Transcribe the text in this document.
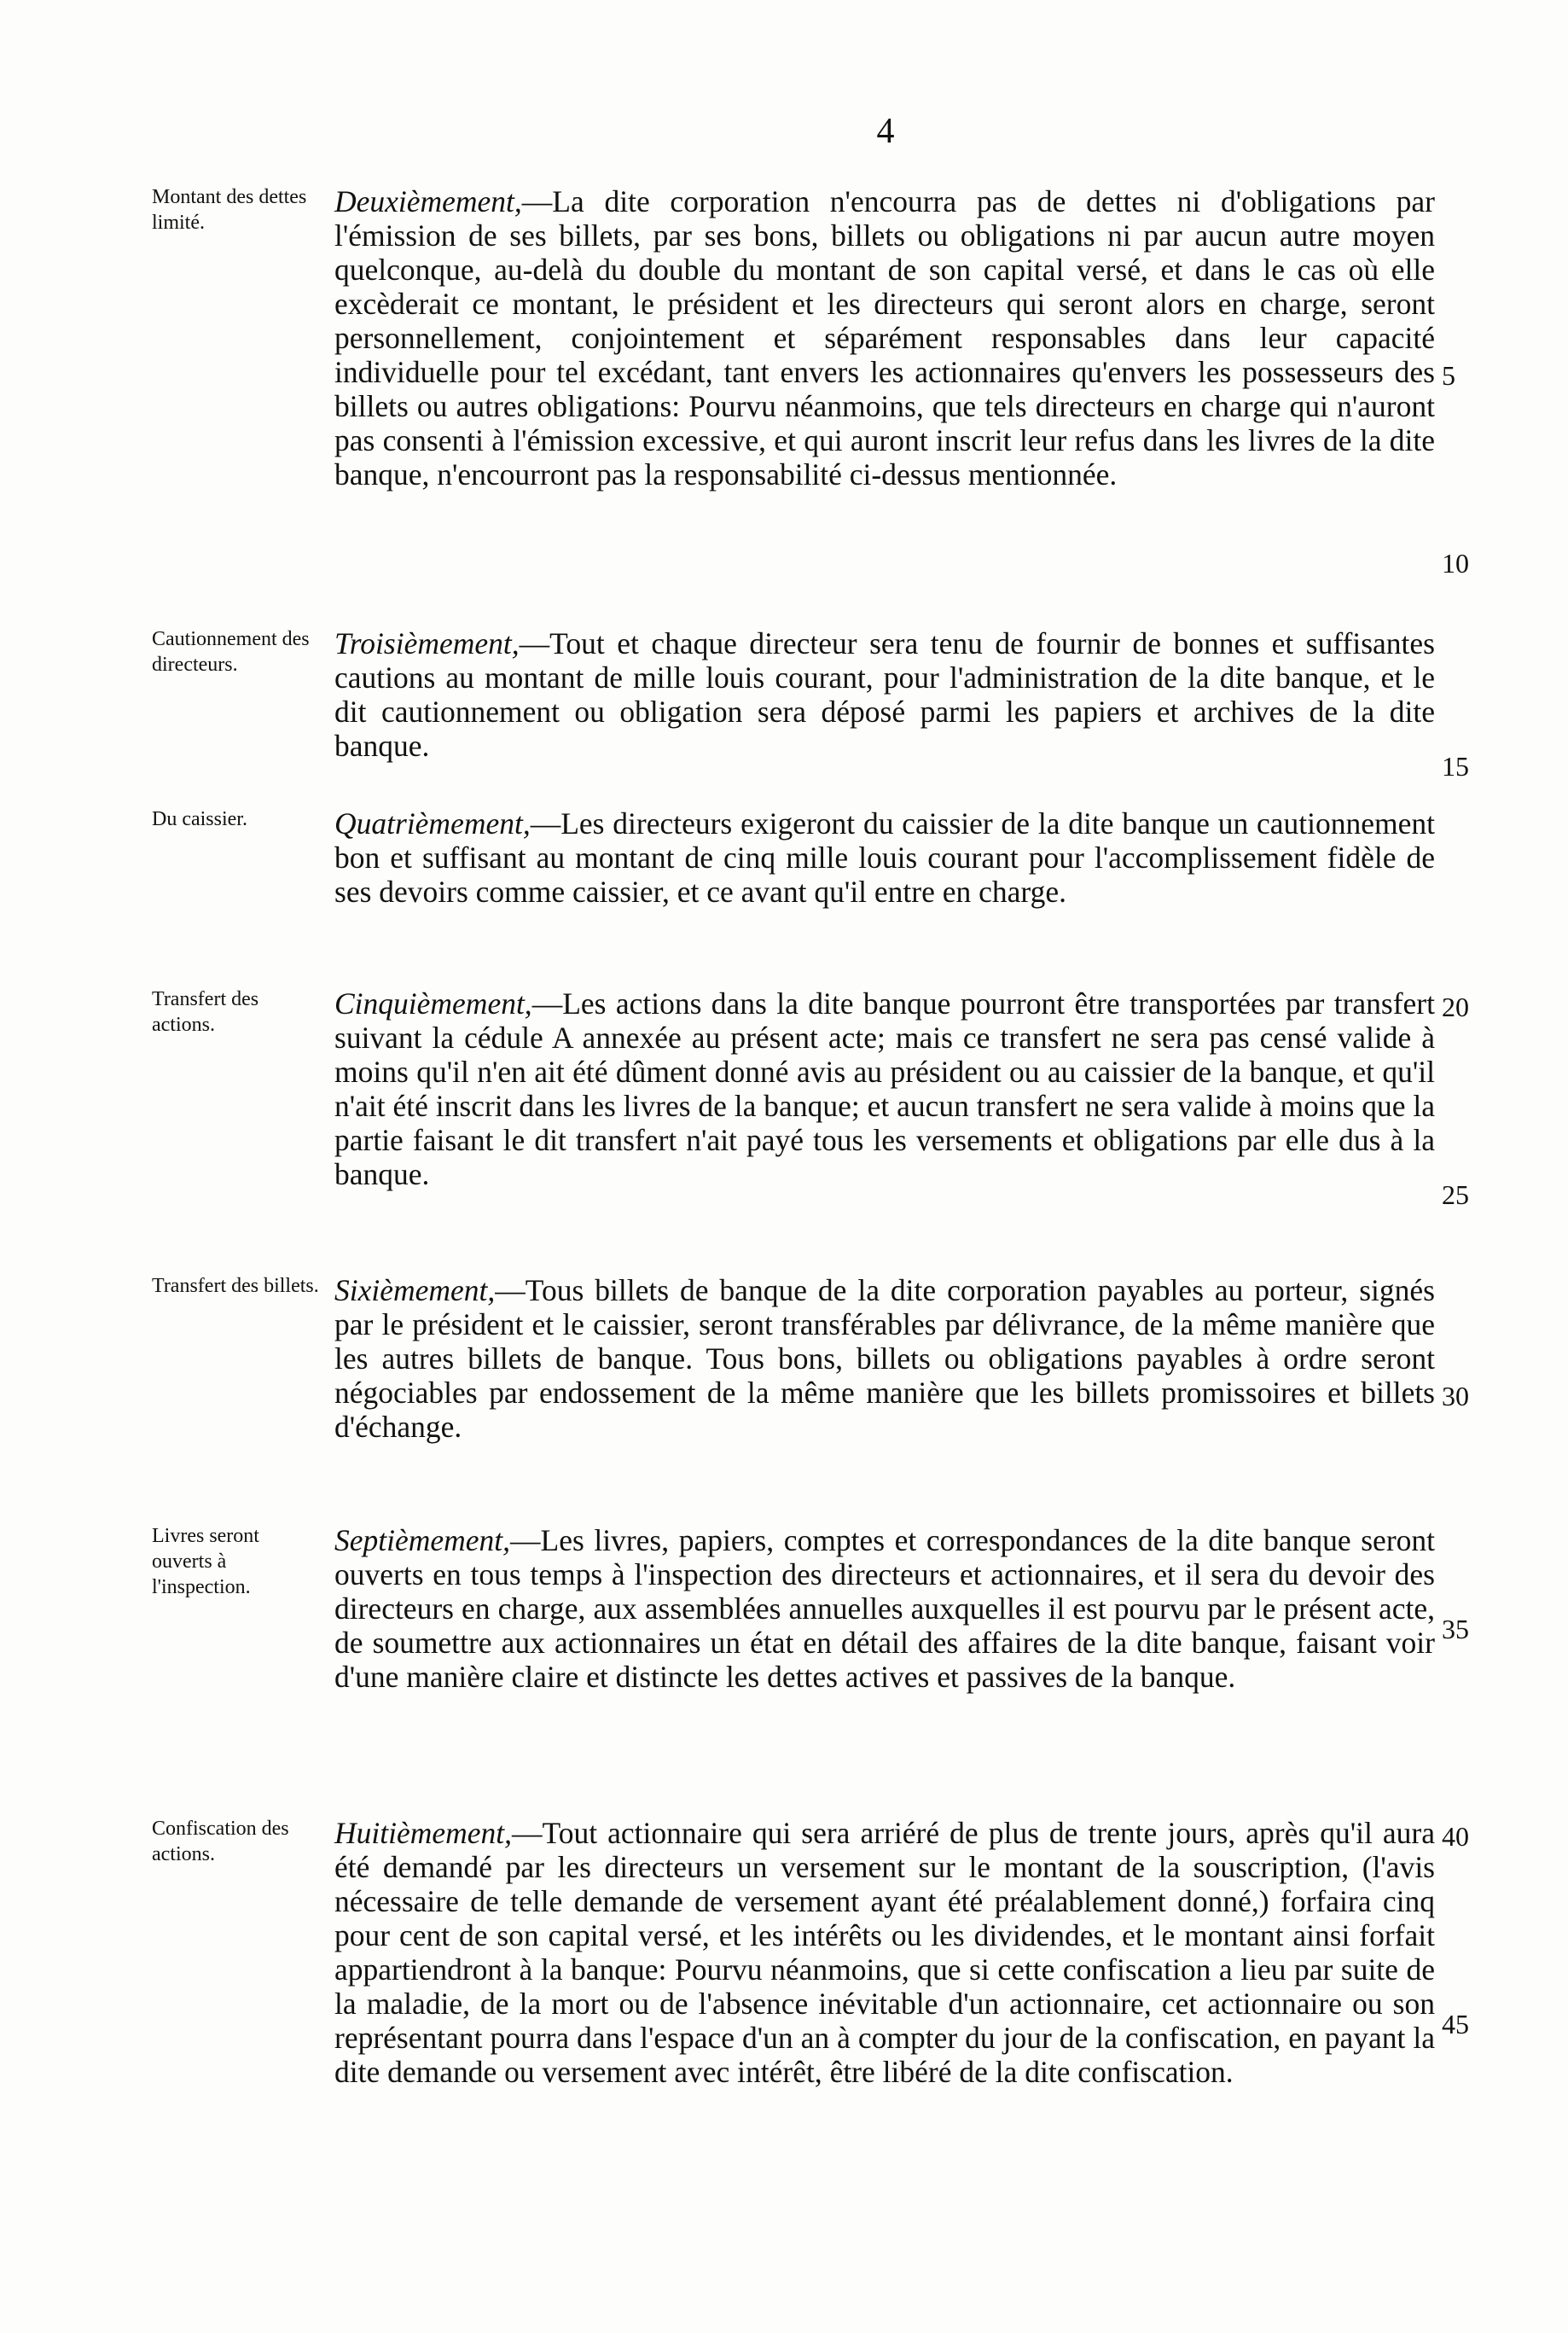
4
Montant des dettes limité.
Deuxièmement,—La dite corporation n'encourra pas de dettes ni d'obligations par l'émission de ses billets, par ses bons, billets ou obligations ni par aucun autre moyen quelconque, au-delà du double du montant de son capital versé, et dans le cas où elle excèderait ce montant, le président et les directeurs qui seront alors en charge, seront personnellement, conjointement et séparément responsables dans leur capacité individuelle pour tel excédant, tant envers les actionnaires qu'envers les possesseurs des billets ou autres obligations: Pourvu néanmoins, que tels directeurs en charge qui n'auront pas consenti à l'émission excessive, et qui auront inscrit leur refus dans les livres de la dite banque, n'encourront pas la responsabilité ci-dessus mentionnée.
5
10
Cautionnement des directeurs.
Troisièmement,—Tout et chaque directeur sera tenu de fournir de bonnes et suffisantes cautions au montant de mille louis courant, pour l'administration de la dite banque, et le dit cautionnement ou obligation sera déposé parmi les papiers et archives de la dite banque.
15
Du caissier.	Quatrièmement,—Les directeurs exigeront du caissier de la dite banque un cautionnement bon et suffisant au montant de cinq mille louis courant pour l'accomplissement fidèle de ses devoirs comme caissier, et ce avant qu'il entre en charge.
Transfert des actions.
Cinquièmement,—Les actions dans la dite banque pourront être transportées par transfert suivant la cédule A annexée au présent acte; mais ce transfert ne sera pas censé valide à moins qu'il n'en ait été dûment donné avis au président ou au caissier de la banque, et qu'il n'ait été inscrit dans les livres de la banque; et aucun transfert ne sera valide à moins que la partie faisant le dit transfert n'ait payé tous les versements et obligations par elle dus à la banque.
20
25
Transfert des billets. Sixièmement,—Tous billets de banque de la dite corporation payables au porteur, signés par le président et le caissier, seront transférables par délivrance, de la même manière que les autres billets de banque. Tous bons, billets ou obligations payables à ordre seront négociables par endossement de la même manière que les billets promissoires et billets d'échange.
30
Livres seront ouverts à l'inspection.
Septièmement,—Les livres, papiers, comptes et correspondances de la dite banque seront ouverts en tous temps à l'inspection des directeurs et actionnaires, et il sera du devoir des directeurs en charge, aux assemblées annuelles auxquelles il est pourvu par le présent acte, de soumettre aux actionnaires un état en détail des affaires de la dite banque, faisant voir d'une manière claire et distincte les dettes actives et passives de la banque.
35
Confiscation des actions.
Huitièmement,—Tout actionnaire qui sera arriéré de plus de trente jours, après qu'il aura été demandé par les directeurs un versement sur le montant de la souscription, (l'avis nécessaire de telle demande de versement ayant été préalablement donné,) forfaira cinq pour cent de son capital versé, et les intérêts ou les dividendes, et le montant ainsi forfait appartiendront à la banque: Pourvu néanmoins, que si cette confiscation a lieu par suite de la maladie, de la mort ou de l'absence inévitable d'un actionnaire, cet actionnaire ou son représentant pourra dans l'espace d'un an à compter du jour de la confiscation, en payant la dite demande ou versement avec intérêt, être libéré de la dite confiscation.
40
45
